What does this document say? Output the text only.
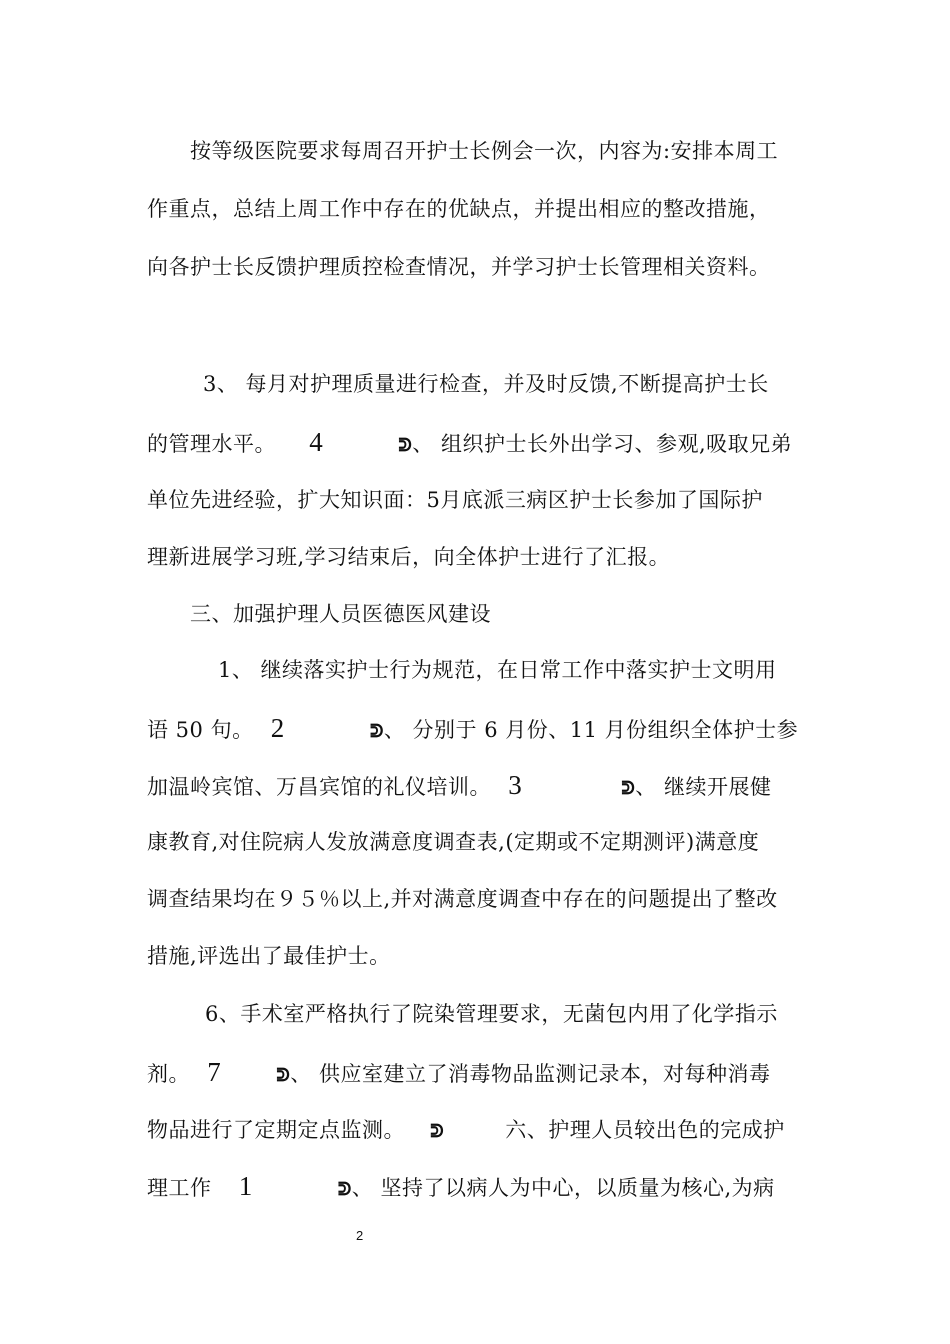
按等级医院要求每周召开护士长例会一次，内容为:安排本周工
作重点，总结上周工作中存在的优缺点，并提出相应的整改措施，
向各护士长反馈护理质控检查情况，并学习护士长管理相关资料。
3、 每月对护理质量进行检查，并及时反馈,不断提高护士长
的管理水平。 4	ᕲ、 组织护士长外出学习、参观,吸取兄弟
单位先进经验，扩大知识面：5月底派三病区护士长参加了国际护
理新进展学习班,学习结束后，向全体护士进行了汇报。
三、加强护理人员医德医风建设
1、 继续落实护士行为规范，在日常工作中落实护士文明用
语 50 句。 2	ᕲ、 分别于 6 月份、11 月份组织全体护士参
加温岭宾馆、万昌宾馆的礼仪培训。 3	ᕲ、 继续开展健
康教育,对住院病人发放满意度调查表,(定期或不定期测评)满意度
调查结果均在９５％以上,并对满意度调查中存在的问题提出了整改
措施,评选出了最佳护士。
6、手术室严格执行了院染管理要求，无菌包内用了化学指示
剂。 7	ᕲ、 供应室建立了消毒物品监测记录本，对每种消毒
物品进行了定期定点监测。 ᕲ	六、护理人员较出色的完成护
理工作 1	ᕲ、 坚持了以病人为中心，以质量为核心,为病
2
